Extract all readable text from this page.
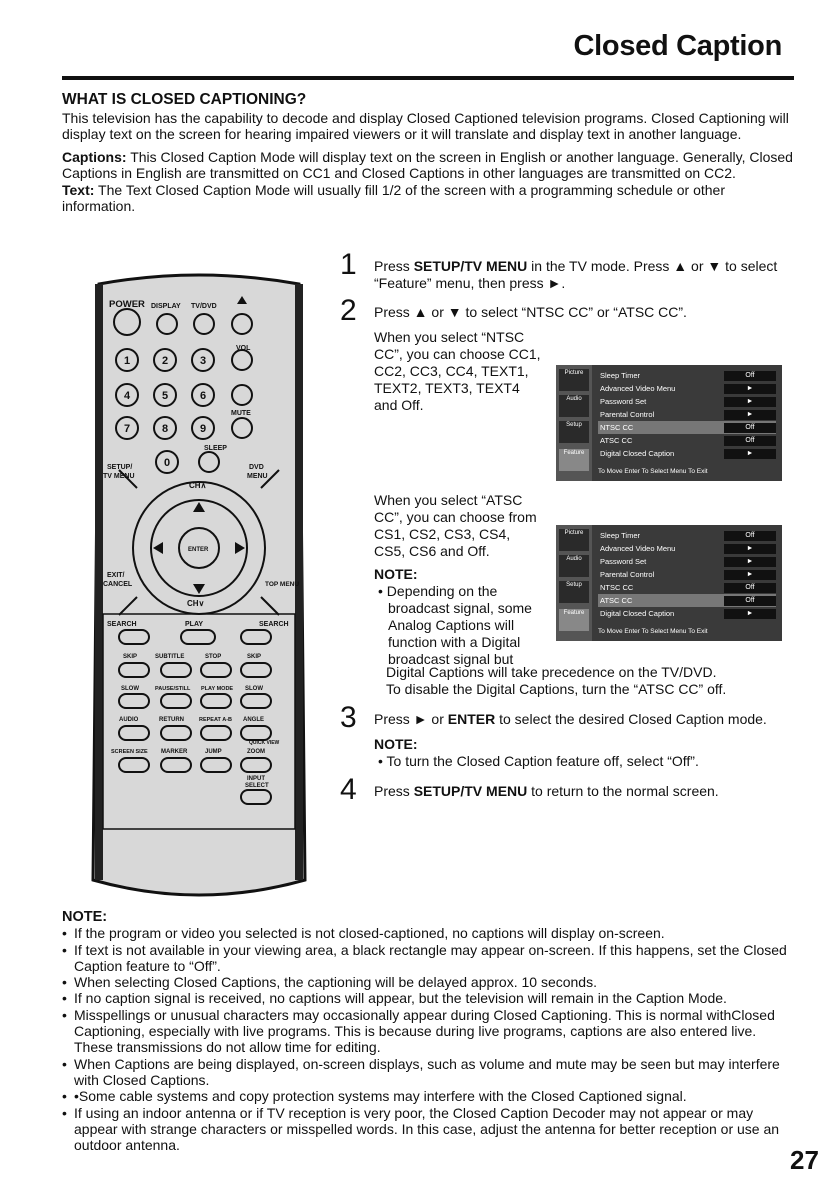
Closed Caption
WHAT IS CLOSED CAPTIONING?

This television has the capability to decode and display Closed Captioned television programs. Closed Captioning will display text on the screen for hearing impaired viewers or it will translate and display text in another language.

Captions: This Closed Caption Mode will display text on the screen in English or another language. Generally, Closed Captions in English are transmitted on CC1 and Closed Captions in other languages are transmitted on CC2.

Text: The Text Closed Caption Mode will usually fill 1/2 of the screen with a programming schedule or other information.

POWER DISPLAY TV/DVD
VOL
MUTE
SLEEP
SETUP/
TV MENU
DVD
MENU
CH∧
CH∨
ENTER
EXIT/
CANCEL	TOP MENU
SEARCH	PLAY	SEARCH
SKIP	SUBTITLE	STOP	SKIP
SLOW	PAUSE/STILL PLAY MODE SLOW
AUDIO	RETURN	REPEAT A-B ANGLE
QUICK VIEW
SCREEN SIZE MARKER	JUMP	ZOOM
INPUT
SELECT
1	2	3
4	5	6
7	8	9
0
1 Press SETUP/TV MENU in the TV mode. Press ▲ or ▼ to select “Feature” menu, then press ►.
2 Press ▲ or ▼ to select “NTSC CC” or “ATSC CC”.
When you select “NTSC CC”, you can choose CC1, CC2, CC3, CC4, TEXT1, TEXT2, TEXT3, TEXT4 and Off.
When you select “ATSC CC”, you can choose from CS1, CS2, CS3, CS4, CS5, CS6 and Off.
NOTE:
• Depending on the broadcast signal, some Analog Captions will function with a Digital broadcast signal but
Digital Captions will take precedence on the TV/DVD.
To disable the Digital Captions, turn the “ATSC CC” off.
Picture
Audio
Setup
Feature
Sleep Timer	Off
Advanced Video Menu	►
Password Set	►
Parental Control	►
NTSC CC	Off
ATSC CC	Off
Digital Closed Caption	►
To Move Enter To Select Menu To Exit
Picture
Audio
Setup
Feature
Sleep Timer	Off
Advanced Video Menu	►
Password Set	►
Parental Control	►
NTSC CC	Off
ATSC CC	Off
Digital Closed Caption	►
To Move Enter To Select Menu To Exit
3 Press ► or ENTER to select the desired Closed Caption mode.
NOTE:
• To turn the Closed Caption feature off, select “Off”.
4 Press SETUP/TV MENU to return to the normal screen.
NOTE:
• If the program or video you selected is not closed-captioned, no captions will display on-screen.
• If text is not available in your viewing area, a black rectangle may appear on-screen. If this happens, set the Closed Caption feature to “Off”.
• When selecting Closed Captions, the captioning will be delayed approx. 10 seconds.
• If no caption signal is received, no captions will appear, but the television will remain in the Caption Mode.
• Misspellings or unusual characters may occasionally appear during Closed Captioning. This is normal withClosed Captioning, especially with live programs. This is because during live programs, captions are also entered live. These transmissions do not allow time for editing.
• When Captions are being displayed, on-screen displays, such as volume and mute may be seen but may interfere with Closed Captions.
• •Some cable systems and copy protection systems may interfere with the Closed Captioned signal.
• If using an indoor antenna or if TV reception is very poor, the Closed Caption Decoder may not appear or may appear with strange characters or misspelled words. In this case, adjust the antenna for better reception or use an outdoor antenna.	27
